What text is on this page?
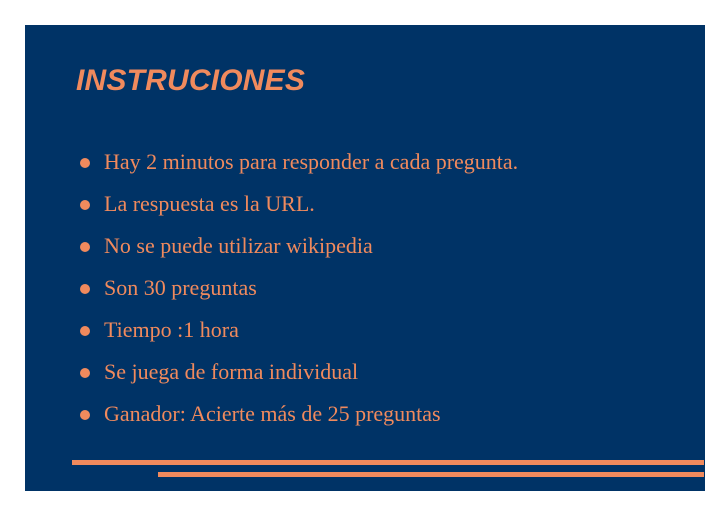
INSTRUCIONES
Hay 2 minutos para responder a cada pregunta.
La respuesta es la URL.
No se puede utilizar wikipedia
Son 30 preguntas
Tiempo :1 hora
Se juega de forma individual
Ganador: Acierte más de 25 preguntas
